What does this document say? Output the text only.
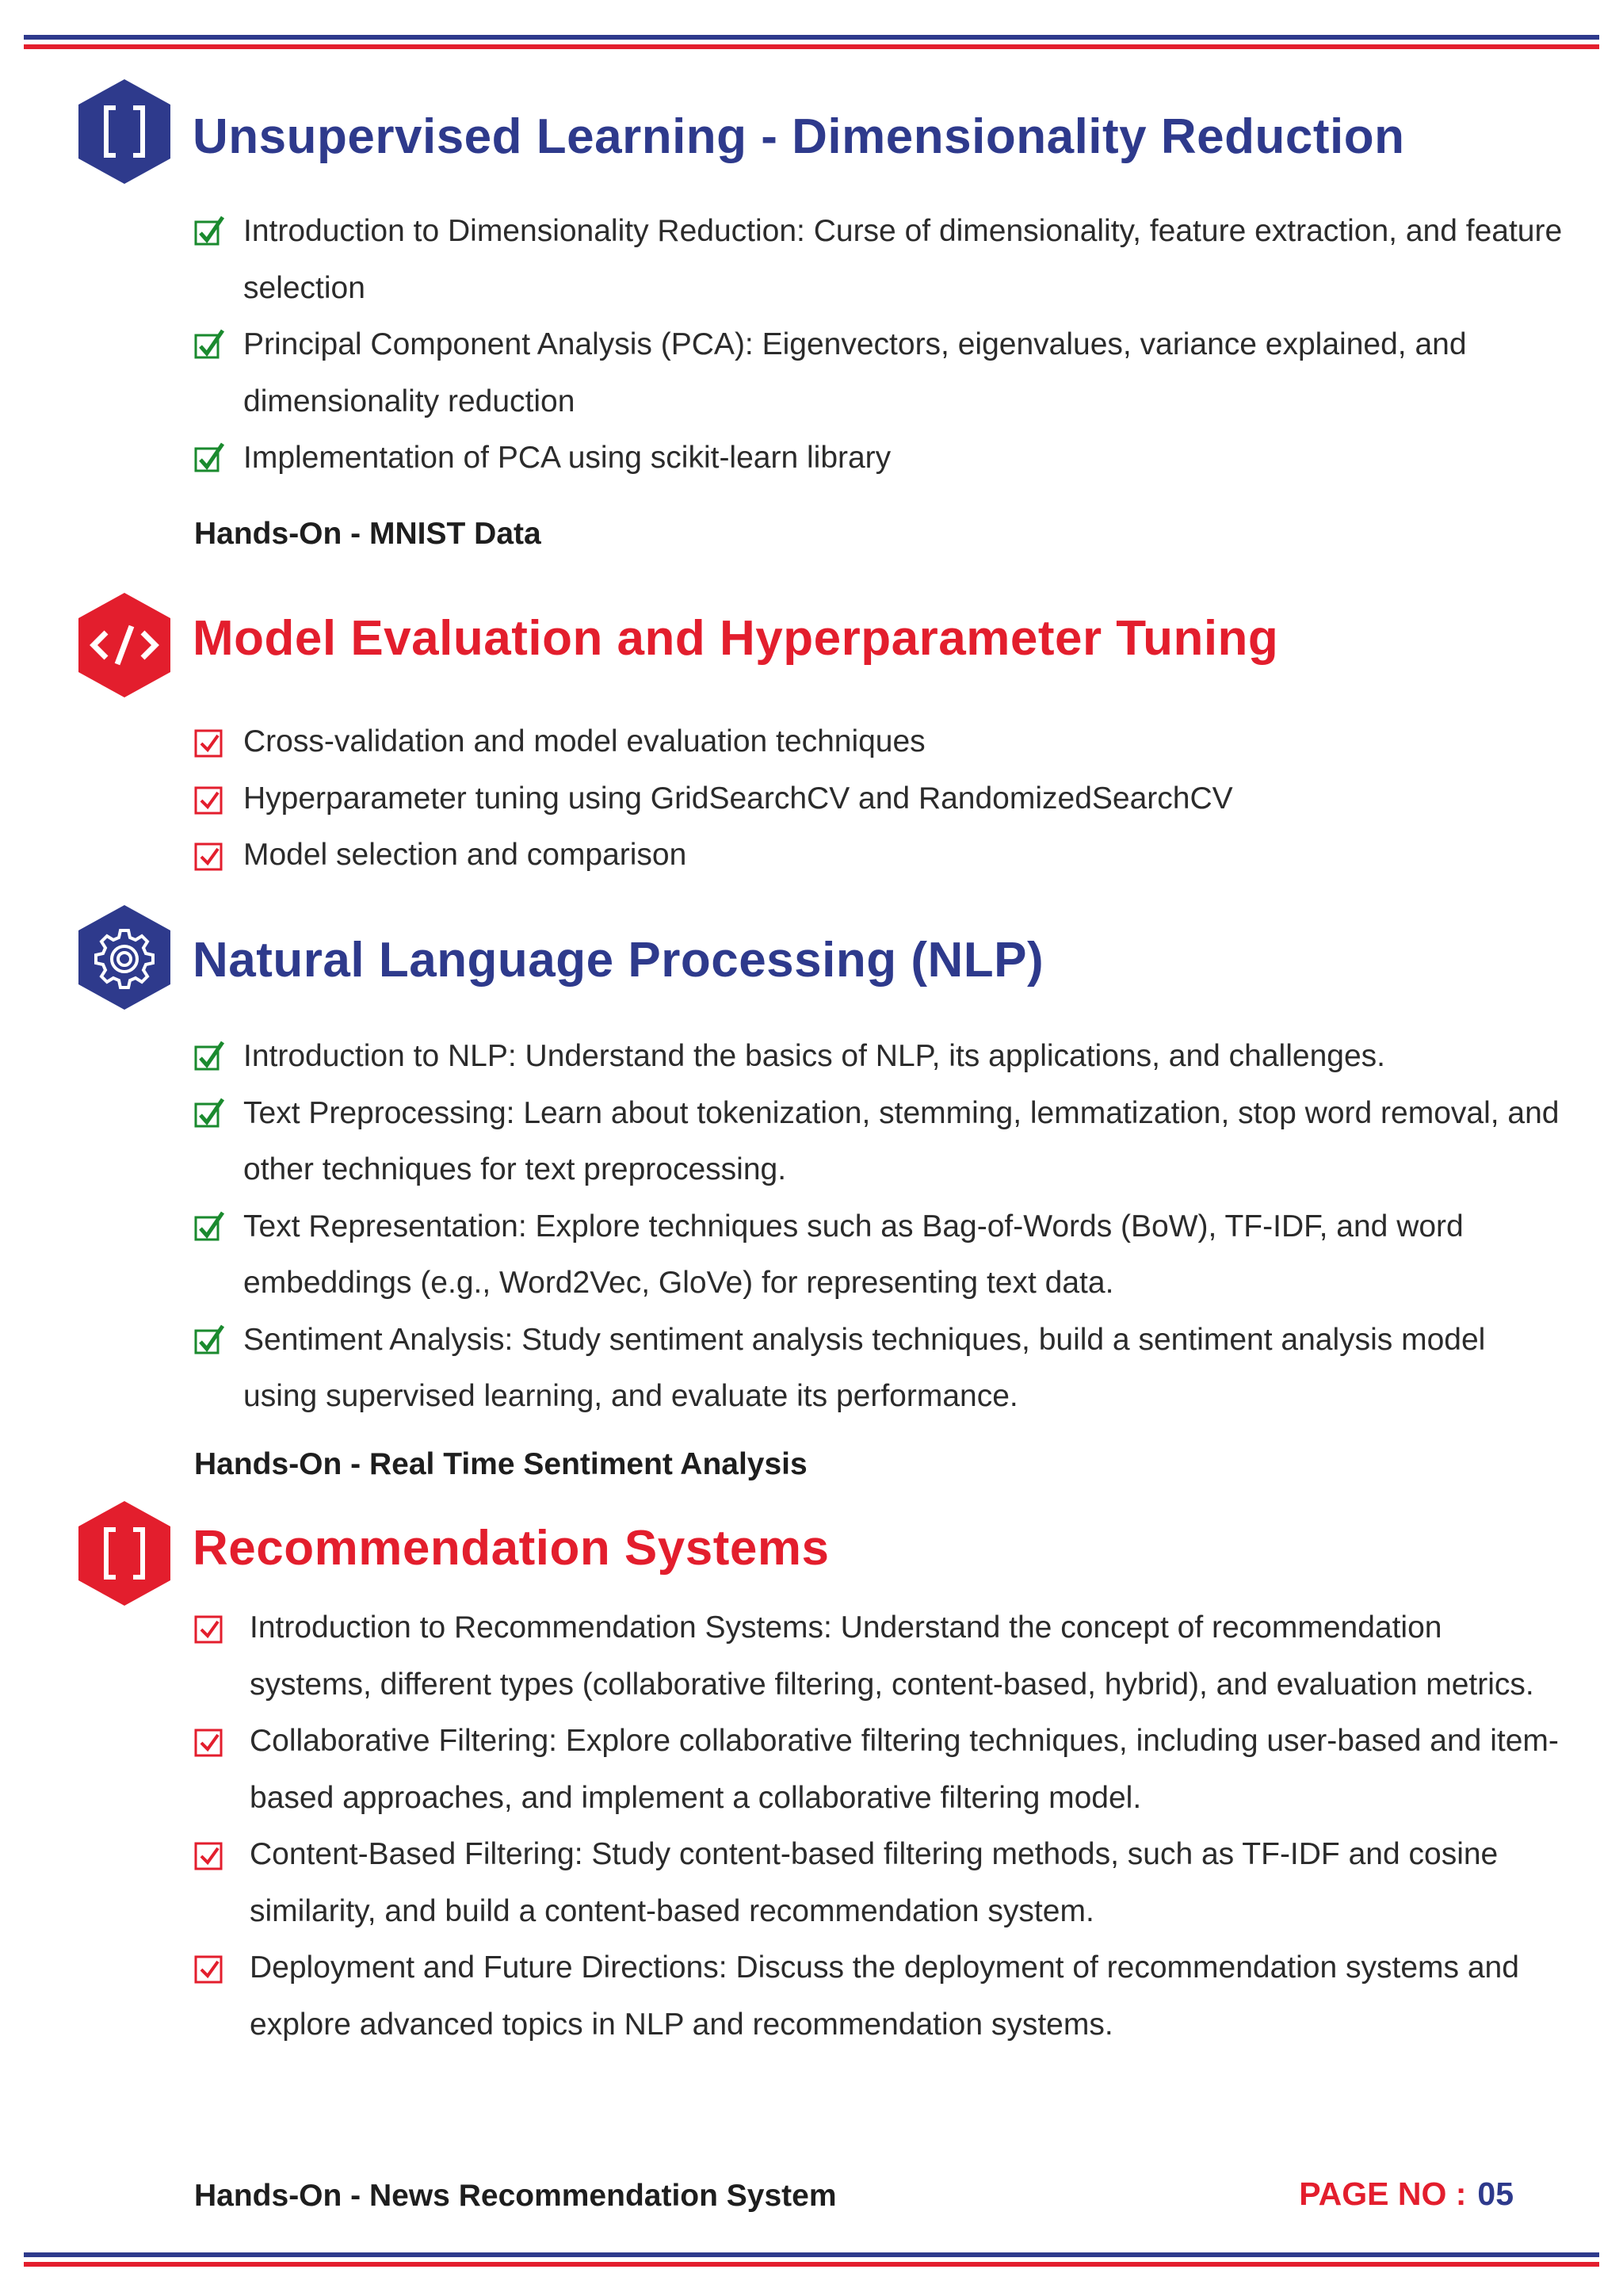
Unsupervised Learning - Dimensionality Reduction
Introduction to Dimensionality Reduction: Curse of dimensionality, feature extraction, and feature selection
Principal Component Analysis (PCA): Eigenvectors, eigenvalues, variance explained, and dimensionality reduction
Implementation of PCA using scikit-learn library
Hands-On - MNIST Data
Model Evaluation and Hyperparameter Tuning
Cross-validation and model evaluation techniques
Hyperparameter tuning using GridSearchCV and RandomizedSearchCV
Model selection and comparison
Natural Language Processing (NLP)
Introduction to NLP: Understand the basics of NLP, its applications, and challenges.
Text Preprocessing: Learn about tokenization, stemming, lemmatization, stop word removal, and other techniques for text preprocessing.
Text Representation: Explore techniques such as Bag-of-Words (BoW), TF-IDF, and word embeddings (e.g., Word2Vec, GloVe) for representing text data.
Sentiment Analysis: Study sentiment analysis techniques, build a sentiment analysis model using supervised learning, and evaluate its performance.
Hands-On - Real Time Sentiment Analysis
Recommendation Systems
Introduction to Recommendation Systems: Understand the concept of recommendation systems, different types (collaborative filtering, content-based, hybrid), and evaluation metrics.
Collaborative Filtering: Explore collaborative filtering techniques, including user-based and item-based approaches, and implement a collaborative filtering model.
Content-Based Filtering: Study content-based filtering methods, such as TF-IDF and cosine similarity, and build a content-based recommendation system.
Deployment and Future Directions: Discuss the deployment of recommendation systems and explore advanced topics in NLP and recommendation systems.
Hands-On - News Recommendation System	PAGE NO : 05
